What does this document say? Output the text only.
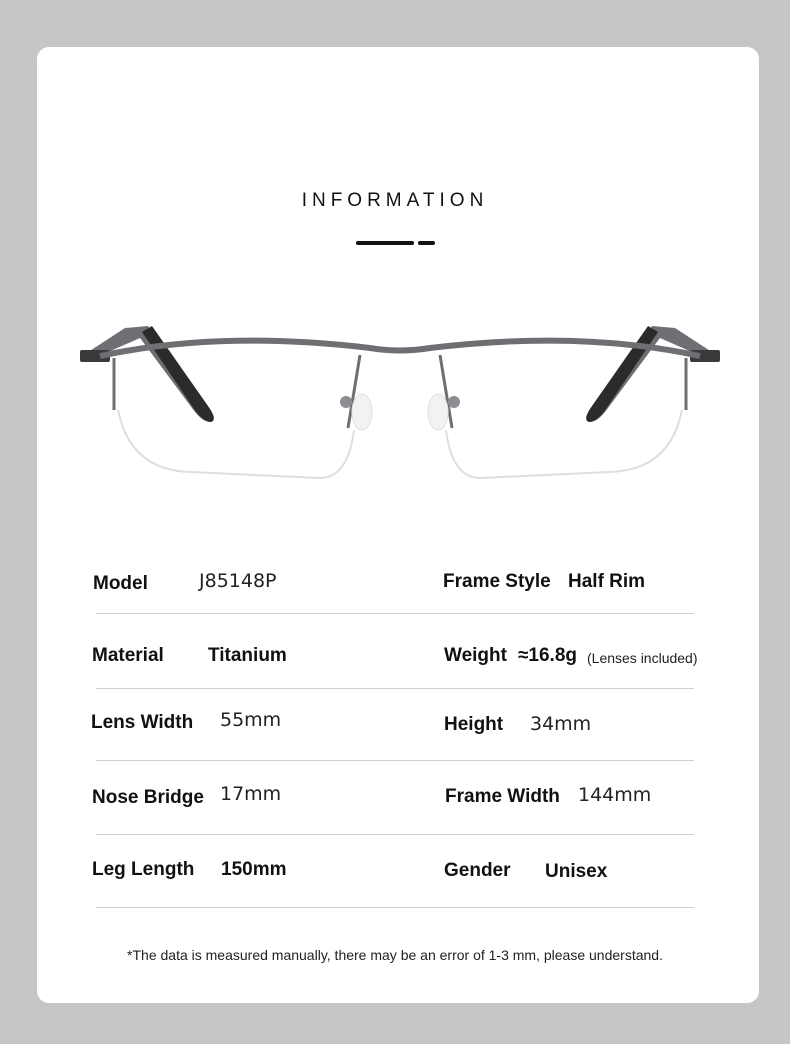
INFORMATION
Model	J85148P	Frame Style Half Rim
Material Titanium	Weight ≈16.8g (Lenses included)
Lens Width 55mm	Height 34mm
Nose Bridge 17mm	Frame Width 144mm
Leg Length 150mm	Gender Unisex
*The data is measured manually, there may be an error of 1-3 mm, please understand.
